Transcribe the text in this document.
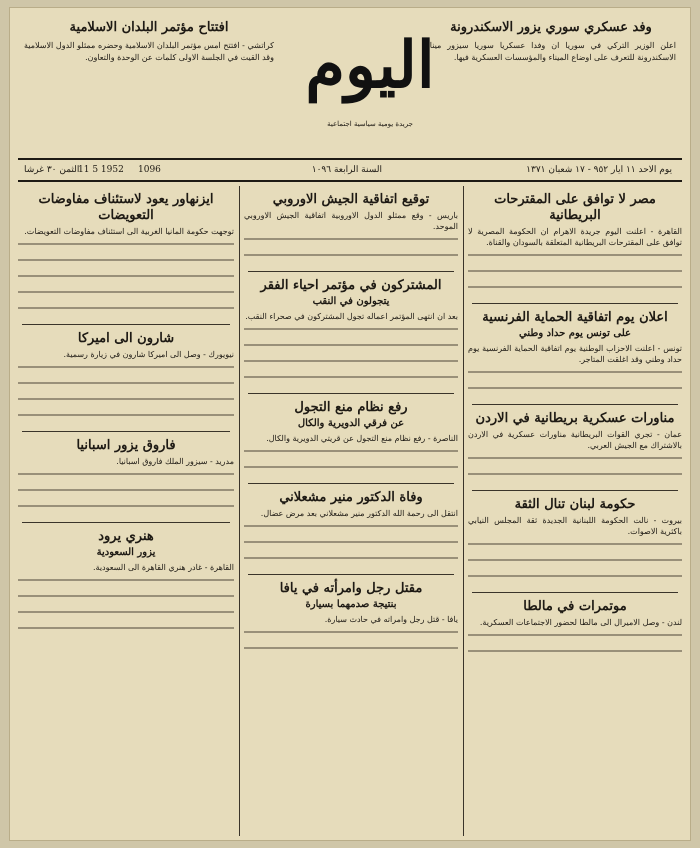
وفد عسكري سوري يزور الاسكندرونة
اعلن الوزير التركي في سوريا ان وفدا عسكريا سوريا سيزور ميناء الاسكندرونة للتعرف على اوضاع الميناء والمؤسسات العسكرية فيها.
اليوم
جريدة يومية سياسية اجتماعية
افتتاح مؤتمر البلدان الاسلامية
كراتشي - افتتح امس مؤتمر البلدان الاسلامية وحضره ممثلو الدول الاسلامية وقد القيت في الجلسة الاولى كلمات عن الوحدة والتعاون.
يوم الاحد ١١ ايار ٩٥٢ - ١٧ شعبان ١٣٧١
السنة الرابعة ١٠٩٦
1096
11 5 1952
الثمن ٣٠ غرشا
مصر لا توافق على المقترحات البريطانية

القاهرة - اعلنت اليوم جريدة الاهرام ان الحكومة المصرية لا توافق على المقترحات البريطانية المتعلقة بالسودان والقناة.

اعلان يوم اتفاقية الحماية الفرنسية
على تونس يوم حداد وطني

تونس - اعلنت الاحزاب الوطنية يوم اتفاقية الحماية الفرنسية يوم حداد وطني وقد اغلقت المتاجر.

مناورات عسكرية بريطانية في الاردن

عمان - تجري القوات البريطانية مناورات عسكرية في الاردن بالاشتراك مع الجيش العربي.

حكومة لبنان تنال الثقة

بيروت - نالت الحكومة اللبنانية الجديدة ثقة المجلس النيابي باكثرية الاصوات.

موتمرات في مالطا

لندن - وصل الاميرال الى مالطا لحضور الاجتماعات العسكرية.

توقيع اتفاقية الجيش الاوروبي

باريس - وقع ممثلو الدول الاوروبية اتفاقية الجيش الاوروبي الموحد.

المشتركون في مؤتمر احياء الفقر
يتجولون في النقب

بعد ان انتهى المؤتمر اعماله تجول المشتركون في صحراء النقب.

رفع نظام منع التجول
عن فرقي الدويرية والكال

الناصرة - رفع نظام منع التجول عن قريتي الدويرية والكال.

وفاة الدكتور منير مشعلاني

انتقل الى رحمة الله الدكتور منير مشعلاني بعد مرض عضال.

مقتل رجل وامرأته في يافا
بنتيجة صدمهما بسيارة

يافا - قتل رجل وامراته في حادث سيارة.

ايزنهاور يعود لاستئناف مفاوضات التعويضات

توجهت حكومة المانيا الغربية الى استئناف مفاوضات التعويضات.

شارون الى اميركا

نيويورك - وصل الى اميركا شارون في زيارة رسمية.

فاروق يزور اسبانيا

مدريد - سيزور الملك فاروق اسبانيا.

هنري يرود
يزور السعودية

القاهرة - غادر هنري القاهرة الى السعودية.
